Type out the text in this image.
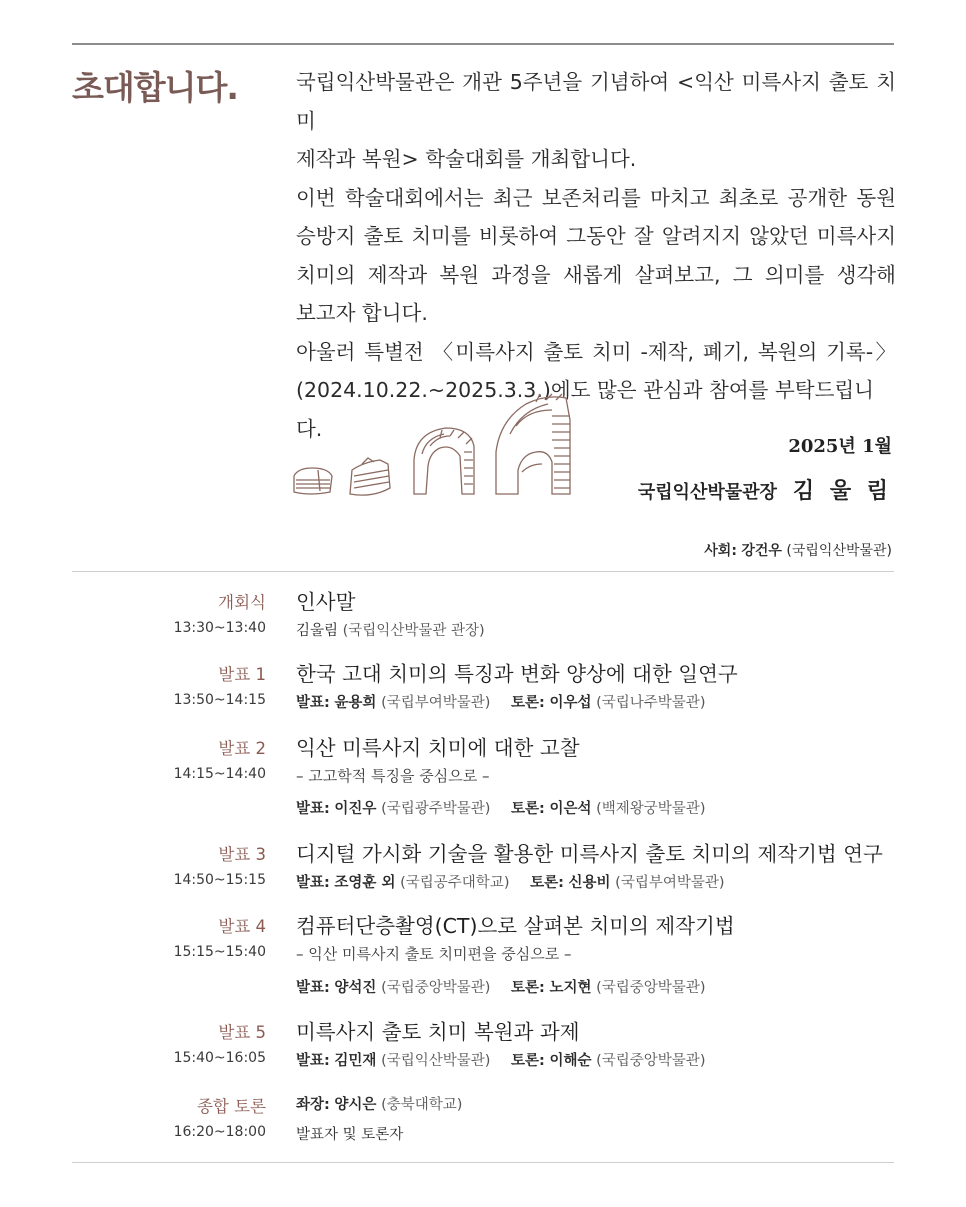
초대합니다.	국립익산박물관은 개관 5주년을 기념하여 <익산 미륵사지 출토 치미

제작과 복원> 학술대회를 개최합니다.

이번 학술대회에서는 최근 보존처리를 마치고 최초로 공개한 동원

승방지 출토 치미를 비롯하여 그동안 잘 알려지지 않았던 미륵사지

치미의 제작과 복원 과정을 새롭게 살펴보고, 그 의미를 생각해

보고자 합니다.

아울러 특별전 〈미륵사지 출토 치미 -제작, 폐기, 복원의 기록-〉

(2024.10.22.~2025.3.3.)에도 많은 관심과 참여를 부탁드립니다.

2025년 1월
국립익산박물관장 김 울 림
사회: 강건우 (국립익산박물관)
개회식
13:30~13:40
인사말
김울림 (국립익산박물관 관장)
발표 1
13:50~14:15
한국 고대 치미의 특징과 변화 양상에 대한 일연구
발표: 윤용희 (국립부여박물관) 토론: 이우섭 (국립나주박물관)
발표 2
14:15~14:40
익산 미륵사지 치미에 대한 고찰
– 고고학적 특징을 중심으로 –
발표: 이진우 (국립광주박물관) 토론: 이은석 (백제왕궁박물관)
발표 3
14:50~15:15
디지털 가시화 기술을 활용한 미륵사지 출토 치미의 제작기법 연구
발표: 조영훈 외 (국립공주대학교) 토론: 신용비 (국립부여박물관)
발표 4
15:15~15:40
컴퓨터단층촬영(CT)으로 살펴본 치미의 제작기법
– 익산 미륵사지 출토 치미편을 중심으로 –
발표: 양석진 (국립중앙박물관) 토론: 노지현 (국립중앙박물관)
발표 5
15:40~16:05
미륵사지 출토 치미 복원과 과제
발표: 김민재 (국립익산박물관) 토론: 이해순 (국립중앙박물관)
종합 토론
16:20~18:00
좌장: 양시은 (충북대학교)
발표자 및 토론자
